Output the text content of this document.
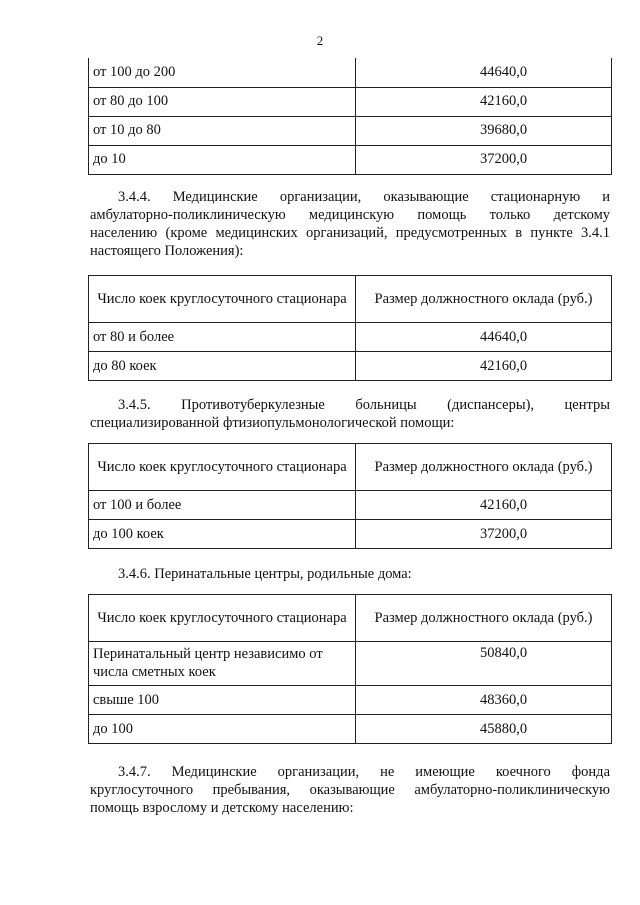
2
от 100 до 200	44640,0
от 80 до 100	42160,0
от 10 до 80	39680,0
до 10	37200,0
3.4.4. Медицинские организации, оказывающие стационарную и
амбулаторно-поликлиническую медицинскую помощь только детскому
населению (кроме медицинских организаций, предусмотренных в пункте 3.4.1
настоящего Положения):
Число коек круглосуточного стационара	Размер должностного оклада (руб.)
от 80 и более	44640,0
до 80 коек	42160,0
3.4.5. Противотуберкулезные больницы (диспансеры), центры
специализированной фтизиопульмонологической помощи:
Число коек круглосуточного стационара	Размер должностного оклада (руб.)
от 100 и более	42160,0
до 100 коек	37200,0
3.4.6. Перинатальные центры, родильные дома:
Число коек круглосуточного стационара	Размер должностного оклада (руб.)
Перинатальный центр независимо от числа сметных коек	50840,0
свыше 100	48360,0
до 100	45880,0
3.4.7. Медицинские организации, не имеющие коечного фонда
круглосуточного пребывания, оказывающие амбулаторно-поликлиническую
помощь взрослому и детскому населению:
